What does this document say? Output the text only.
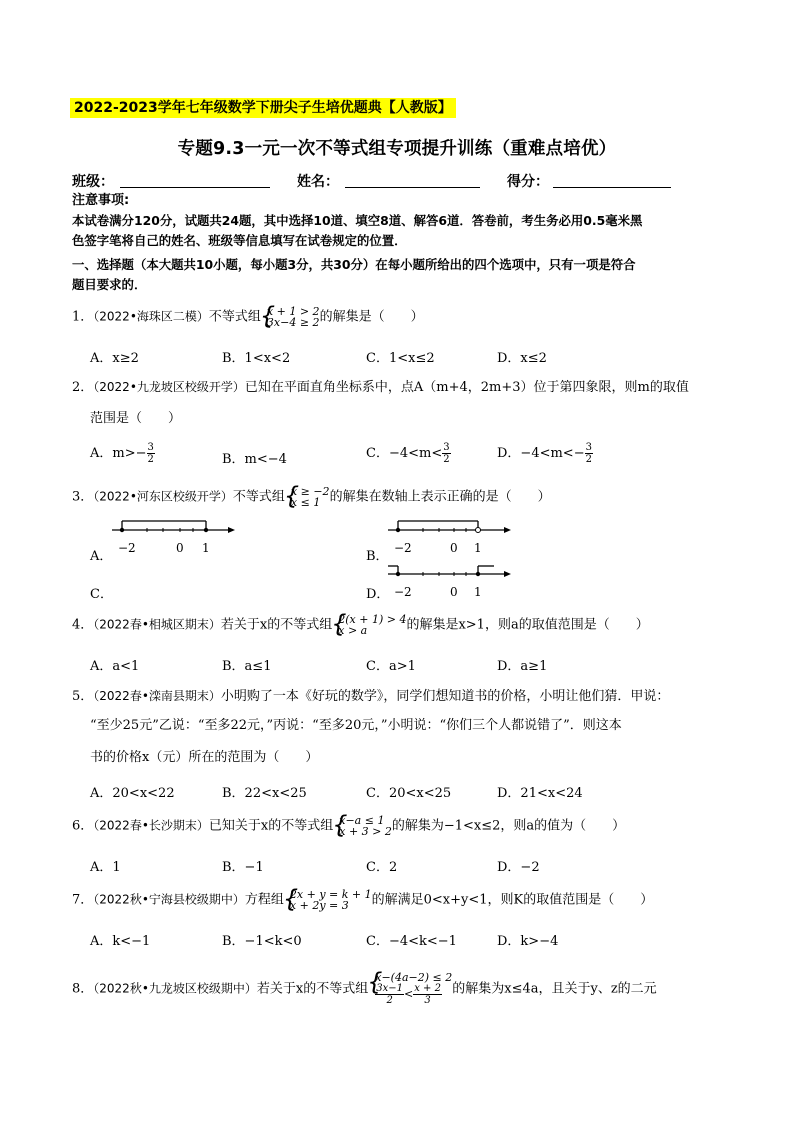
2022-2023学年七年级数学下册尖子生培优题典【人教版】
专题9.3一元一次不等式组专项提升训练（重难点培优）
班级：	姓名：	得分：
注意事项:
本试卷满分120分，试题共24题，其中选择10道、填空8道、解答6道．答卷前，考生务必用0.5毫米黑
色签字笔将自己的姓名、班级等信息填写在试卷规定的位置．
一、选择题（本大题共10小题，每小题3分，共30分）在每小题所给出的四个选项中，只有一项是符合
题目要求的．
1．（2022•海珠区二模）不等式组 { x + 1 > 2
3x−4 ≥ 2 的解集是（　　）
A．x≥2	B．1<x<2	C．1<x≤2	D．x≤2
2．（2022•九龙坡区校级开学）已知在平面直角坐标系中，点A（m+4，2m+3）位于第四象限，则m的取值
范围是（　　）
A．$m>- \frac{3}{2}$	B．m<−4	C．$-4<m< \frac{3}{2}$	D．$-4<m<- \frac{3}{2}$
3．（2022•河东区校级开学）不等式组 { x ≥ −2
x ≤ 1 的解集在数轴上表示正确的是（　　）
A．	B．
C．	D．
−2	0 1	−2	0 1
−2	0 1
4．（2022春•相城区期末）若关于x的不等式组 { 2(x + 1) > 4
x > a	的解集是x>1，则a的取值范围是（　　）
A．a<1	B．a≤1	C．a>1	D．a≥1
5．（2022春•滦南县期末）小明购了一本《好玩的数学》，同学们想知道书的价格，小明让他们猜．甲说：
“至少25元”乙说：“至多22元，”丙说：“至多20元，”小明说：“你们三个人都说错了”．则这本
书的价格x（元）所在的范围为（　　）
A．20<x<22	B．22<x<25	C．20<x<25	D．21<x<24
6．（2022春•长沙期末）已知关于x的不等式组 { x−a ≤ 1
x + 3 > 2 的解集为−1<x≤2，则a的值为（　　）
A．1	B．−1	C．2	D．−2
7．（2022秋•宁海县校级期中）方程组 { 2x + y = k + 1
x + 2y = 3	的解满足0<x+y<1，则K的取值范围是（　　）
A．k<−1	B．−1<k<0	C．−4<k<−1	D．k>−4
8．（2022秋•九龙坡区校级期中）若关于x的不等式组
{ x−(4a−2) ≤ 2
$\frac{3x-1}{2} < \frac{x + 2}{3}$ 的解集为x≤4a，且关于y、z的二元
